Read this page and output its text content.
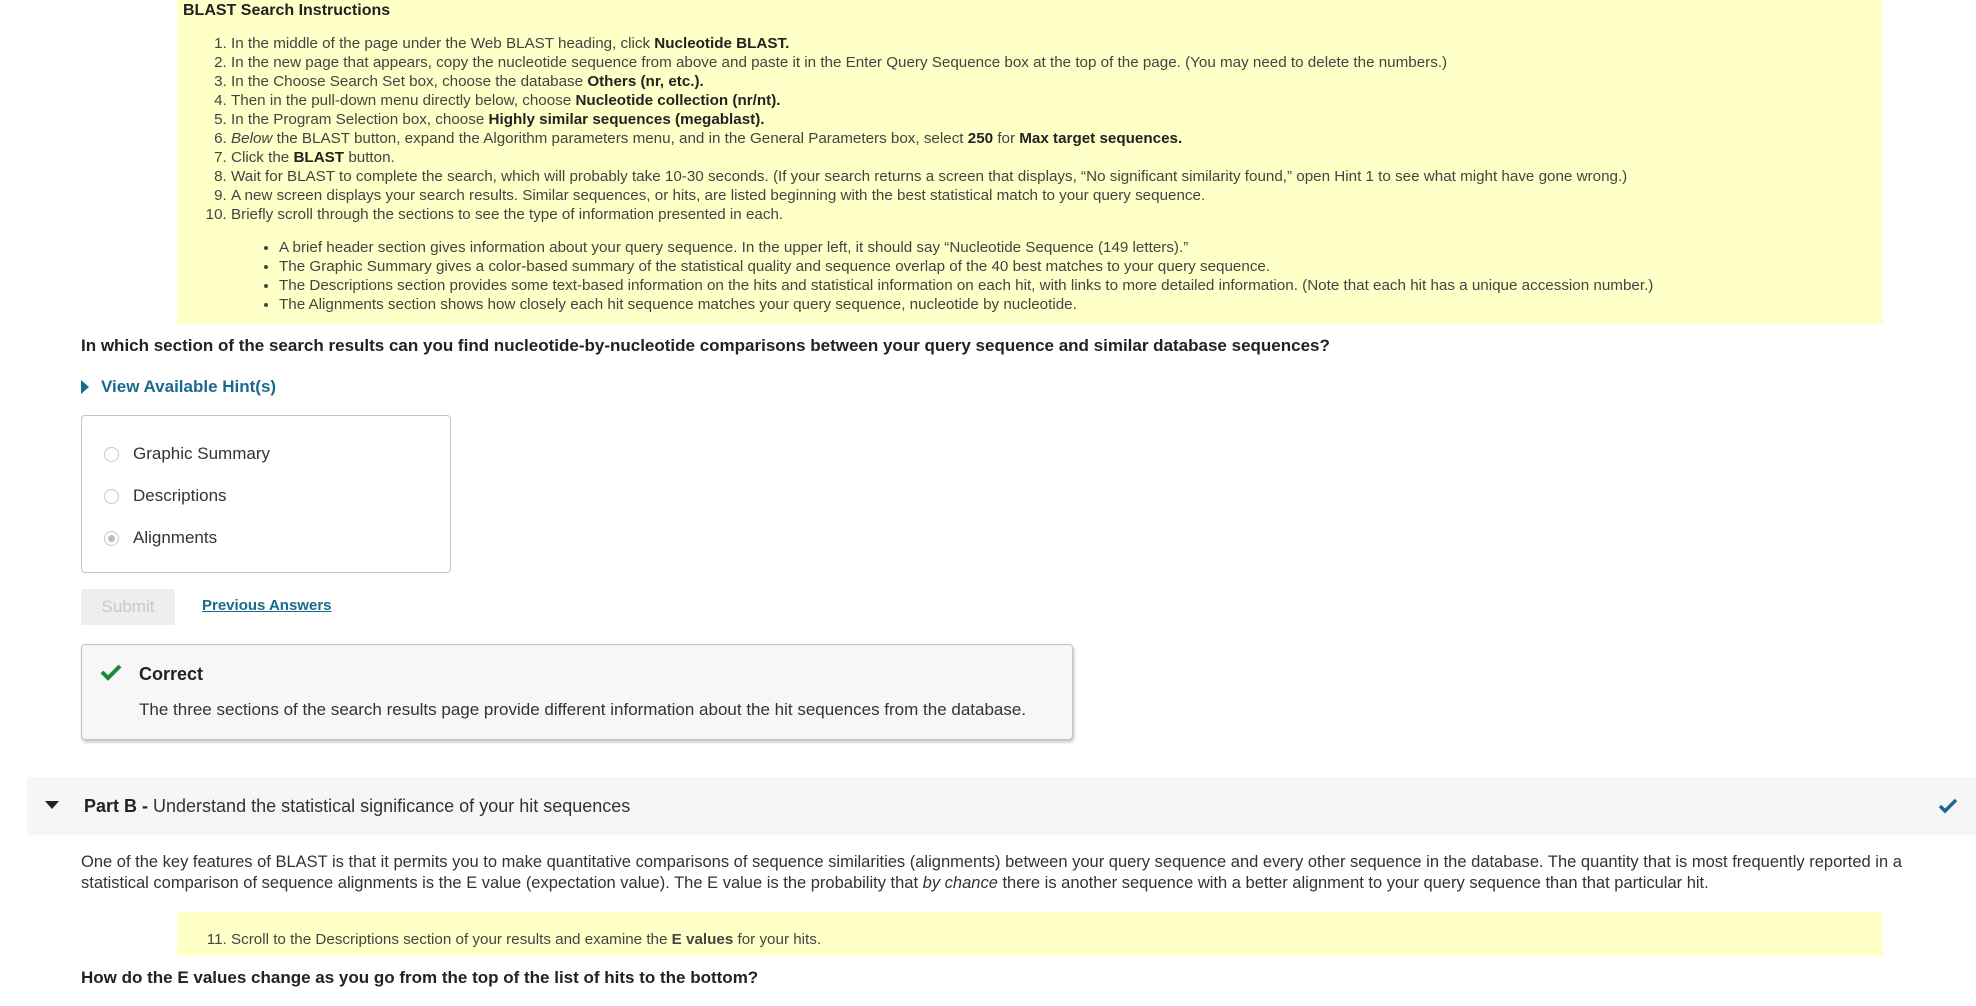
BLAST Search Instructions
1. In the middle of the page under the Web BLAST heading, click Nucleotide BLAST.
2. In the new page that appears, copy the nucleotide sequence from above and paste it in the Enter Query Sequence box at the top of the page. (You may need to delete the numbers.)
3. In the Choose Search Set box, choose the database Others (nr, etc.).
4. Then in the pull-down menu directly below, choose Nucleotide collection (nr/nt).
5. In the Program Selection box, choose Highly similar sequences (megablast).
6. Below the BLAST button, expand the Algorithm parameters menu, and in the General Parameters box, select 250 for Max target sequences.
7. Click the BLAST button.
8. Wait for BLAST to complete the search, which will probably take 10-30 seconds. (If your search returns a screen that displays, “No significant similarity found,” open Hint 1 to see what might have gone wrong.)
9. A new screen displays your search results. Similar sequences, or hits, are listed beginning with the best statistical match to your query sequence.
10. Briefly scroll through the sections to see the type of information presented in each.
• A brief header section gives information about your query sequence. In the upper left, it should say “Nucleotide Sequence (149 letters).”
• The Graphic Summary gives a color-based summary of the statistical quality and sequence overlap of the 40 best matches to your query sequence.
• The Descriptions section provides some text-based information on the hits and statistical information on each hit, with links to more detailed information. (Note that each hit has a unique accession number.)
• The Alignments section shows how closely each hit sequence matches your query sequence, nucleotide by nucleotide.
In which section of the search results can you find nucleotide-by-nucleotide comparisons between your query sequence and similar database sequences?
View Available Hint(s)
Graphic Summary
Descriptions
Alignments
Submit	Previous Answers
Correct
The three sections of the search results page provide different information about the hit sequences from the database.
Part B - Understand the statistical significance of your hit sequences
One of the key features of BLAST is that it permits you to make quantitative comparisons of sequence similarities (alignments) between your query sequence and every other sequence in the database. The quantity that is most frequently reported in a statistical comparison of sequence alignments is the E value (expectation value). The E value is the probability that by chance there is another sequence with a better alignment to your query sequence than that particular hit.
11. Scroll to the Descriptions section of your results and examine the E values for your hits.
How do the E values change as you go from the top of the list of hits to the bottom?
